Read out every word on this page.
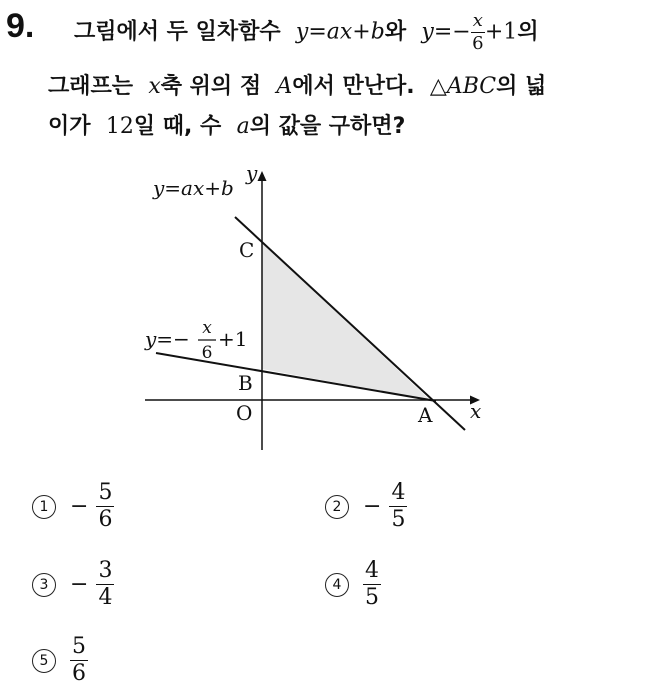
9. 그림에서 두 일차함수 y=ax+b와 $y=- \frac{x}{6} +1$의
그래프는 x축 위의 점 A에서 만난다. △ABC의 넓
이가 12일 때, 수 a의 값을 구하면?
y=ax+b
y
C
y=− x
6
+1
B
O	A x
$1 - \frac{5}{6}$	$2 - \frac{4}{5}$
$3 - \frac{3}{4}$	$4 \frac{4}{5}$
$5 \frac{5}{6}$
